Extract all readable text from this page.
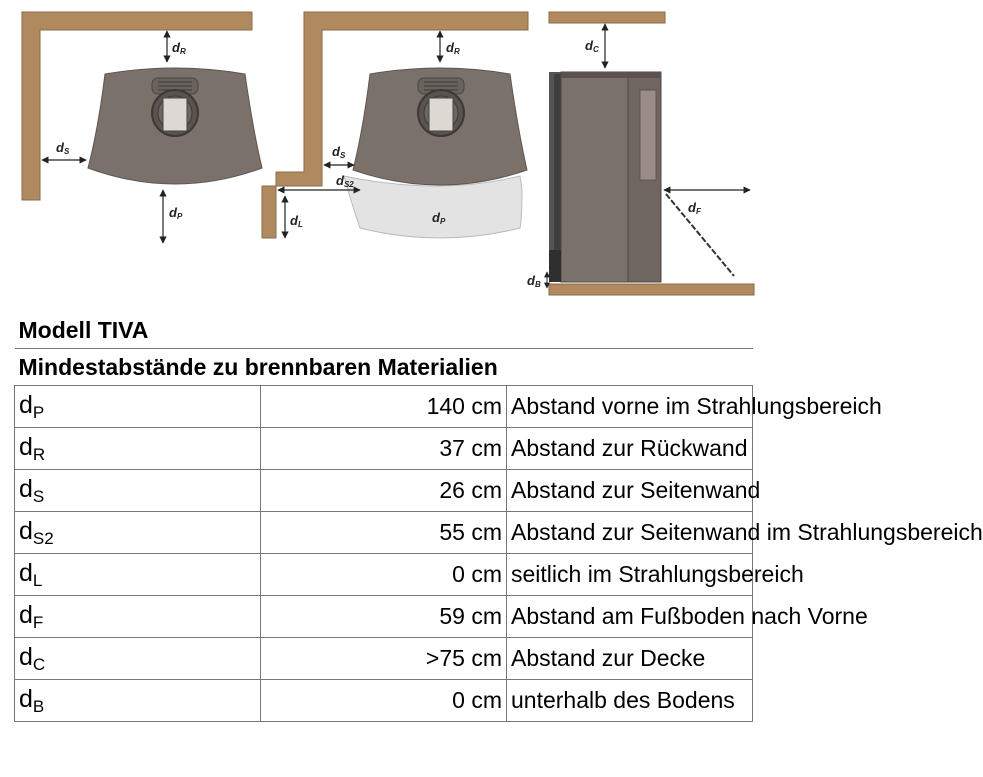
dR
dS
dP
dR
dS
dS2
dL	dP
dC
dF
dB
Modell TIVA		
Mindestabstände zu brennbaren Materialien		
$d_P$	140 cm	Abstand vorne im Strahlungsbereich
$d_R$	37 cm	Abstand zur Rückwand
$d_S$	26 cm	Abstand zur Seitenwand
$d_{S2}$	55 cm	Abstand zur Seitenwand im Strahlungsbereich
$d_L$	0 cm	seitlich im Strahlungsbereich
$d_F$	59 cm	Abstand am Fußboden nach Vorne
$d_C$	>75 cm	Abstand zur Decke
$d_B$	0 cm	unterhalb des Bodens
